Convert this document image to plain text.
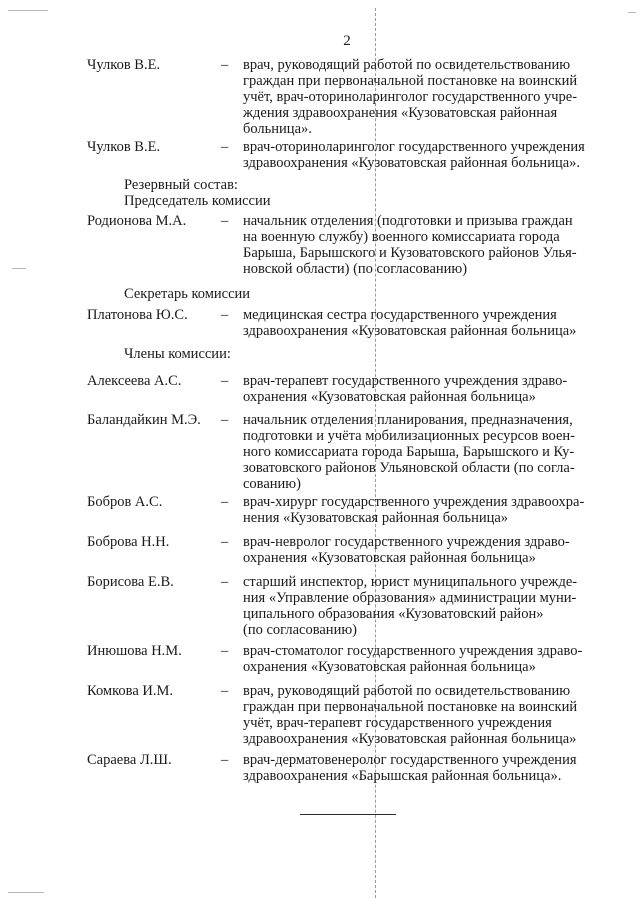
2
Чулков В.Е.	– врач, руководящий работой по освидетельствованию
граждан при первоначальной постановке на воинский
учёт, врач-оториноларинголог государственного учре-
ждения здравоохранения «Кузоватовская районная
больница».
Чулков В.Е.	– врач-оториноларинголог государственного учреждения
здравоохранения «Кузоватовская районная больница».
Резервный состав:
Председатель комиссии
Родионова М.А. – начальник отделения (подготовки и призыва граждан
на военную службу) военного комиссариата города
Барыша, Барышского и Кузоватовского районов Улья-
новской области) (по согласованию)
Секретарь комиссии
Платонова Ю.С. – медицинская сестра государственного учреждения
здравоохранения «Кузоватовская районная больница»
Члены комиссии:
Алексеева А.С.	– врач-терапевт государственного учреждения здраво-
охранения «Кузоватовская районная больница»
Баландайкин М.Э. – начальник отделения планирования, предназначения,
подготовки и учёта мобилизационных ресурсов воен-
ного комиссариата города Барыша, Барышского и Ку-
зоватовского районов Ульяновской области (по согла-
сованию)
Бобров А.С.	– врач-хирург государственного учреждения здравоохра-
нения «Кузоватовская районная больница»
Боброва Н.Н.	– врач-невролог государственного учреждения здраво-
охранения «Кузоватовская районная больница»
Борисова Е.В.	– старший инспектор, юрист муниципального учрежде-
ния «Управление образования» администрации муни-
ципального образования «Кузоватовский район»
(по согласованию)
Инюшова Н.М.	– врач-стоматолог государственного учреждения здраво-
охранения «Кузоватовская районная больница»
Комкова И.М.	– врач, руководящий работой по освидетельствованию
граждан при первоначальной постановке на воинский
учёт, врач-терапевт государственного учреждения
здравоохранения «Кузоватовская районная больница»
Сараева Л.Ш.	– врач-дерматовенеролог государственного учреждения
здравоохранения «Барышская районная больница».
